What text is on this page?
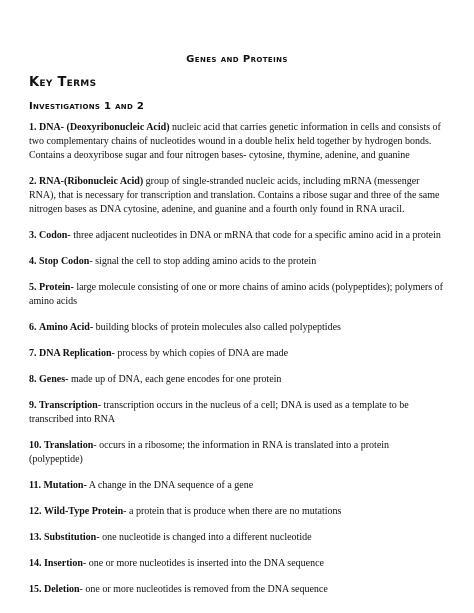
Genes and Proteins
Key Terms
Investigations 1 and 2

1. DNA- (Deoxyribonucleic Acid) nucleic acid that carries genetic information in cells and consists of two complementary chains of nucleotides wound in a double helix held together by hydrogen bonds. Contains a deoxyribose sugar and four nitrogen bases- cytosine, thymine, adenine, and guanine

2. RNA-(Ribonucleic Acid) group of single-stranded nucleic acids, including mRNA (messenger RNA), that is necessary for transcription and translation. Contains a ribose sugar and three of the same nitrogen bases as DNA cytosine, adenine, and guanine and a fourth only found in RNA uracil.

3. Codon- three adjacent nucleotides in DNA or mRNA that code for a specific amino acid in a protein

4. Stop Codon- signal the cell to stop adding amino acids to the protein

5. Protein- large molecule consisting of one or more chains of amino acids (polypeptides); polymers of amino acids

6. Amino Acid- building blocks of protein molecules also called polypeptides

7. DNA Replication- process by which copies of DNA are made

8. Genes- made up of DNA, each gene encodes for one protein

9. Transcription- transcription occurs in the nucleus of a cell; DNA is used as a template to be transcribed into RNA

10. Translation- occurs in a ribosome; the information in RNA is translated into a protein (polypeptide)

11. Mutation- A change in the DNA sequence of a gene

12. Wild-Type Protein- a protein that is produce when there are no mutations

13. Substitution- one nucleotide is changed into a different nucleotide

14. Insertion- one or more nucleotides is inserted into the DNA sequence

15. Deletion- one or more nucleotides is removed from the DNA sequence
